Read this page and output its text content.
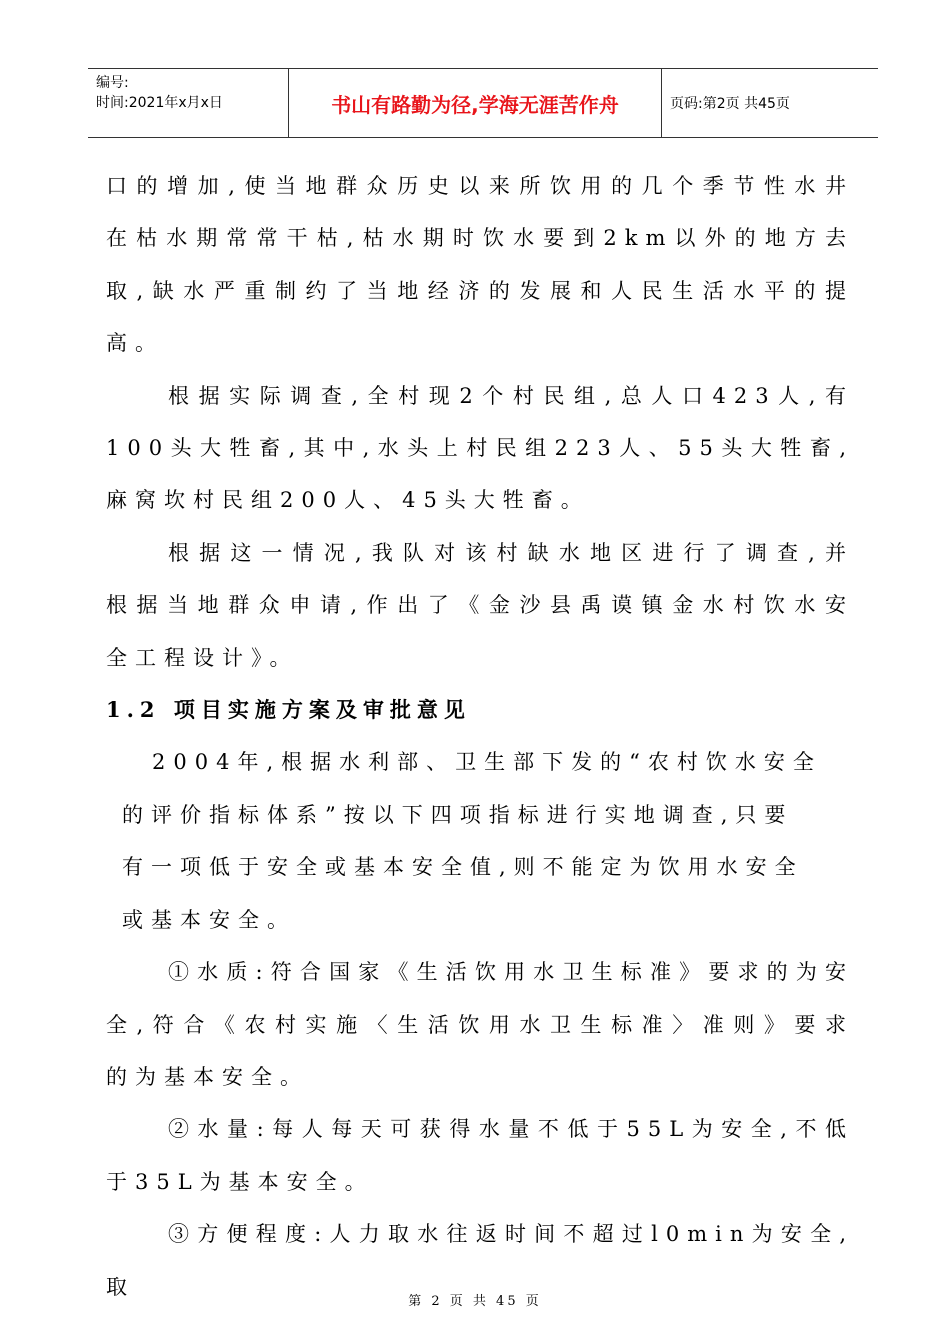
编号:
时间:2021年x月x日	书山有路勤为径,学海无涯苦作舟	页码:第2页 共45页

口的增加,使当地群众历史以来所饮用的几个季节性水井

在枯水期常常干枯,枯水期时饮水要到2km以外的地方去

取,缺水严重制约了当地经济的发展和人民生活水平的提

高。

根据实际调查,全村现2个村民组,总人口423人,有

100头大牲畜,其中,水头上村民组223人、55头大牲畜,

麻窝坎村民组200人、45头大牲畜。

根据这一情况,我队对该村缺水地区进行了调查,并

根据当地群众申请,作出了《金沙县禹谟镇金水村饮水安

全工程设计》。

1.2 项目实施方案及审批意见

2004年,根据水利部、卫生部下发的“农村饮水安全

的评价指标体系”按以下四项指标进行实地调查,只要

有一项低于安全或基本安全值,则不能定为饮用水安全

或基本安全。

①水质:符合国家《生活饮用水卫生标准》要求的为安

全,符合《农村实施〈生活饮用水卫生标准〉准则》要求

的为基本安全。

②水量:每人每天可获得水量不低于55L为安全,不低

于35L为基本安全。

③方便程度:人力取水往返时间不超过l0min为安全,取

第 2 页 共 45 页
